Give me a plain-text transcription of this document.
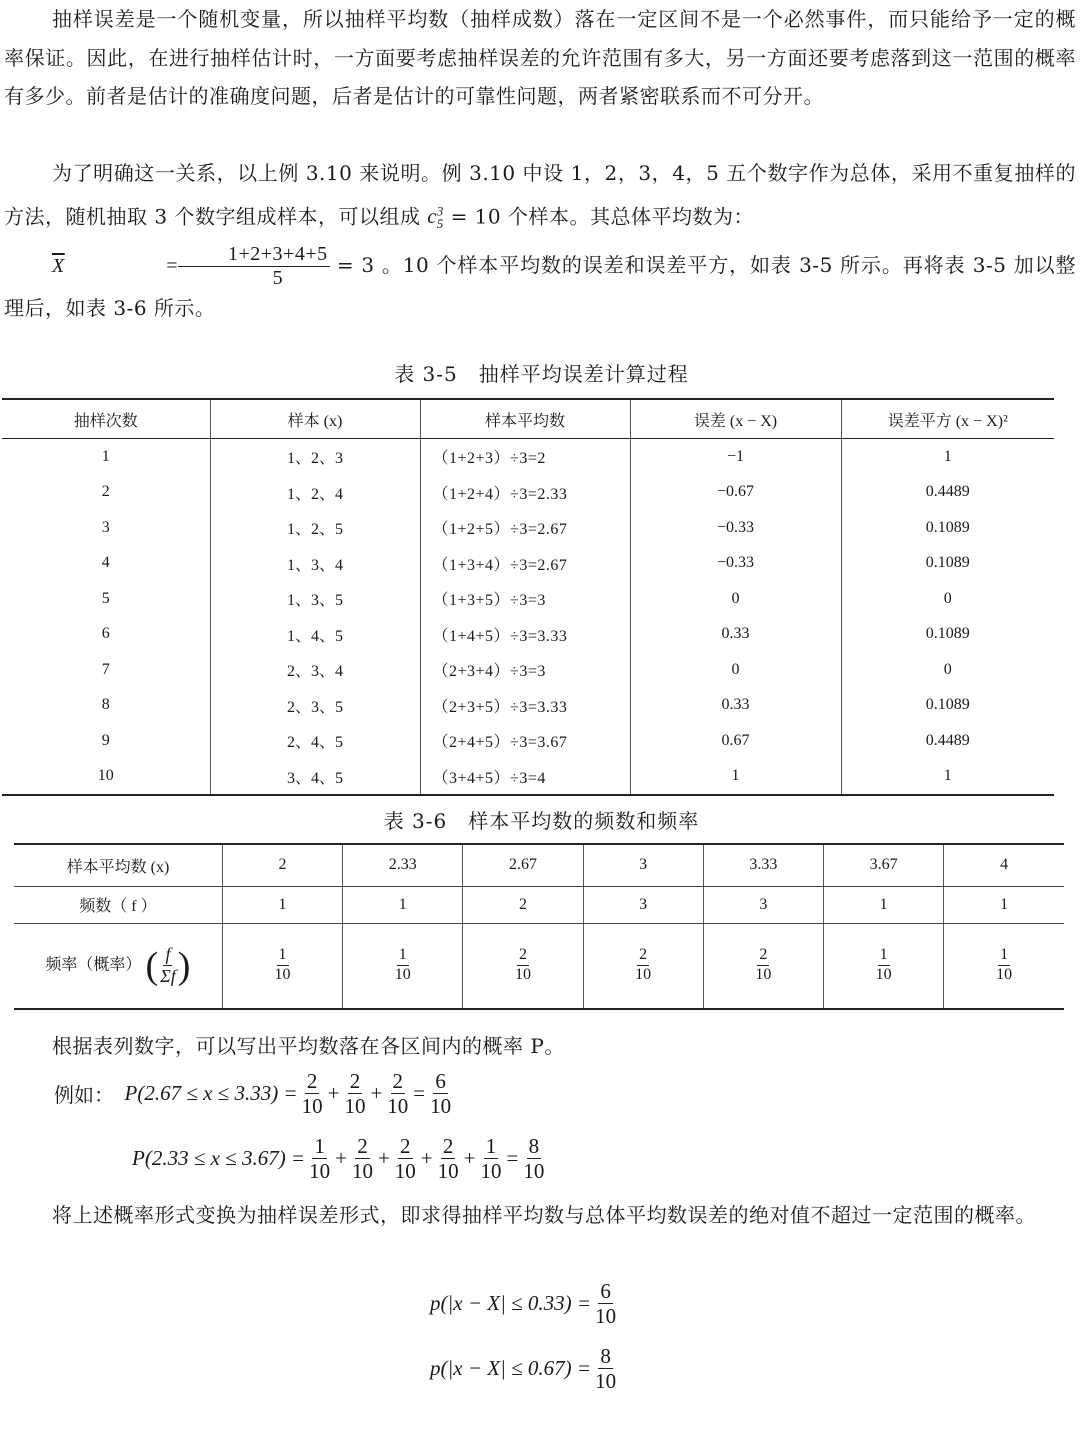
抽样误差是一个随机变量，所以抽样平均数（抽样成数）落在一定区间不是一个必然事件，而只能给予一定的概率保证。因此，在进行抽样估计时，一方面要考虑抽样误差的允许范围有多大，另一方面还要考虑落到这一范围的概率有多少。前者是估计的准确度问题，后者是估计的可靠性问题，两者紧密联系而不可分开。

为了明确这一关系，以上例 3.10 来说明。例 3.10 中设 1，2，3，4，5 五个数字作为总体，采用不重复抽样的方法，随机抽取 3 个数字组成样本，可以组成 $c^3_5 = 10$ 个样本。其总体平均数为：

$\overline{X}$
	= $\frac{1+2+3+4+5}{5} = 3$ 。10 个样本平均数的误差和误差平方，如表 3-5 所示。再将表 3-5 加以整理后，如表 3-6 所示。

表 3-5　抽样平均误差计算过程
抽样次数	样本 (x)	样本平均数	误差 (x − X)	误差平方 (x − X)²
1	1、2、3	（1+2+3）÷3=2	−1	1
2	1、2、4	（1+2+4）÷3=2.33	−0.67	0.4489
3	1、2、5	（1+2+5）÷3=2.67	−0.33	0.1089
4	1、3、4	（1+3+4）÷3=2.67	−0.33	0.1089
5	1、3、5	（1+3+5）÷3=3	0	0
6	1、4、5	（1+4+5）÷3=3.33	0.33	0.1089
7	2、3、4	（2+3+4）÷3=3	0	0
8	2、3、5	（2+3+5）÷3=3.33	0.33	0.1089
9	2、4、5	（2+4+5）÷3=3.67	0.67	0.4489
10	3、4、5	（3+4+5）÷3=4	1	1
表 3-6　样本平均数的频数和频率
样本平均数 (x)	2	2.33	2.67	3	3.33	3.67	4
频数（ f ）	1	1	2	3	3	1	1
频率（概率） ( $\frac{f}{\Sigma f}$ )	$\frac{1}{10}$	$\frac{1}{10}$	$\frac{2}{10}$	$\frac{2}{10}$	$\frac{2}{10}$	$\frac{1}{10}$	$\frac{1}{10}$

根据表列数字，可以写出平均数落在各区间内的概率 P。

例如：
$P(2.67 \le x \le 3.33) = \frac{2}{10} + \frac{2}{10} + \frac{2}{10} = \frac{6}{10}$
$P(2.33 \le x \le 3.67) = \frac{1}{10} + \frac{2}{10} + \frac{2}{10} + \frac{2}{10} + \frac{1}{10} = \frac{8}{10}$

将上述概率形式变换为抽样误差形式，即求得抽样平均数与总体平均数误差的绝对值不超过一定范围的概率。

$p(|x - X| \le 0.33) = \frac{6}{10}$
$p(|x - X| \le 0.67) = \frac{8}{10}$
